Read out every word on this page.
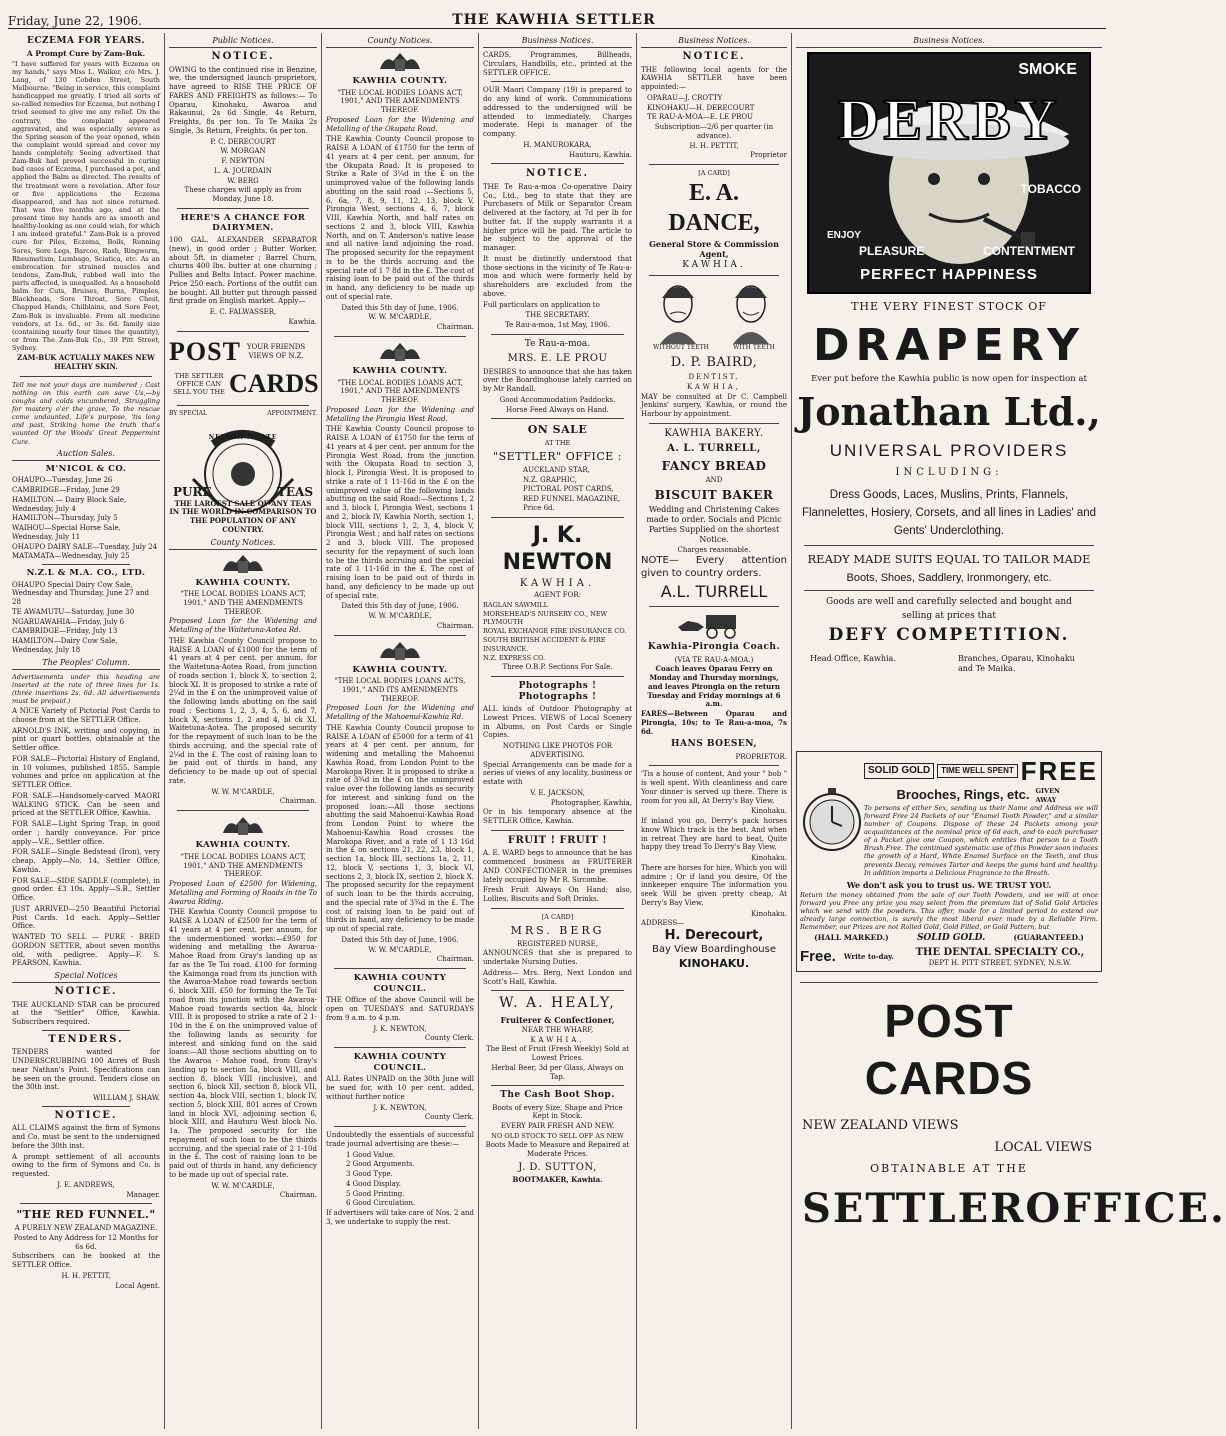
Friday, June 22, 1906.	THE KAWHIA SETTLER
ECZEMA FOR YEARS.
A Prompt Cure by Zam-Buk.
"I have suffered for years with Eczema on my hands," says Miss L. Walker, c/o Mrs. J. Lang, of 130 Cobden Street, South Melbourne. "Being in service, this complaint handicapped me greatly. I tried all sorts of so-called remedies for Eczema, but nothing I tried seemed to give me any relief. On the contrary, the complaint appeared aggravated, and was especially severe as the Spring season of the year opened, when the complaint would spread and cover my hands completely. Seeing advertised that Zam-Buk had proved successful in curing bad cases of Eczema, I purchased a pot, and applied the Balm as directed. The results of the treatment were a revelation. After four or five applications the Eczema disappeared, and has not since returned. That was five months ago, and at the present time my hands are as smooth and healthy-looking as one could wish, for which I am indeed grateful." Zam-Buk is a proved cure for Piles, Eczema, Boils, Running Sores, Sore Legs, Barcoo, Rash, Ringworm, Rheumatism, Lumbago, Sciatica, etc. As an embrocation for strained muscles and tendons, Zam-Buk, rubbed well into the parts affected, is unequalled. As a household balm for Cuts, Bruises, Burns, Pimples, Blackheads, Sore Throat, Sore Chest, Chapped Hands, Chilblains, and Sore Feet, Zam-Buk is invaluable. From all medicine vendors, at 1s. 6d., or 3s. 6d. family size (containing nearly four times the quantity), or from The Zam-Buk Co., 39 Pitt Street, Sydney.
ZAM-BUK ACTUALLY MAKES NEW HEALTHY SKIN.
Tell me not your days are numbered ; Cast nothing on this earth can save Us,—by coughs and colds encumbered, Struggling for mastery o'er the grave, To the rescue come undaunted, Life's purpose, 'tis long and past, Striking home the truth that's vaunted Of the Woods' Great Peppermint Cure.
Auction Sales.
M'NICOL & CO.
OHAUPO—Tuesday, June 26
CAMBRIDGE—Friday, June 29
HAMILTON — Dairy Block Sale, Wednesday, July 4
HAMILTON—Thursday, July 5
WAIHOU—Special Horse Sale, Wednesday, July 11
OHAUPO DAIRY SALE—Tuesday, July 24
MATAMATA—Wednesday, July 25
N.Z.L & M.A. CO., LTD.
OHAUPO Special Dairy Cow Sale, Wednesday and Thursday, June 27 and 28
TE AWAMUTU—Saturday, June 30
NGARUAWAHIA—Friday, July 6
CAMBRIDGE—Friday, July 13
HAMILTON—Dairy Cow Sale, Wednesday, July 18
The Peoples' Column.
Advertisements under this heading are inserted at the rate of three lines for 1s. (three insertions 2s. 6d. All advertisements must be prepaid.)
A NICE Variety of Pictorial Post Cards to choose from at the SETTLER Office.
ARNOLD'S INK, writing and copying, in pint or quart bottles, obtainable at the Settler office.
FOR SALE—Pictorial History of England, in 10 volumes, published 1855. Sample volumes and price on application at the SETTLER Office.
FOR SALE—Handsomely-carved MAORI WALKING STICK. Can be seen and priced at the SETTLER Office, Kawhia.
FOR SALE—Light Spring Trap, in good order ; hardly conveyance. For price apply—V.E., Settler office.
FOR SALE—Single Bedstead (Iron), very cheap. Apply—No. 14, Settler Office, Kawhia.
FOR SALE—SIDE SADDLE (complete), in good order. £3 10s. Apply—S.B., Settler Office.
JUST ARRIVED—250 Beautiful Pictorial Post Cards. 1d each. Apply—Settler Office.
WANTED TO SELL — PURE - BRED GORDON SETTER, about seven months old, with pedigree. Apply—F. S. PEARSON, Kawhia.
Special Notices
NOTICE.
THE AUCKLAND STAR can be procured at the "Settler" Office, Kawhia. Subscribers required.
TENDERS.
TENDERS wanted for UNDERSCRUBBING 100 Acres of Bush near Nathan's Point. Specifications can be seen on the ground. Tenders close on the 30th inst.
WILLIAM J. SHAW.
NOTICE.
ALL CLAIMS against the firm of Symons and Co. must be sent to the undersigned before the 30th inst.
A prompt settlement of all accounts owing to the firm of Symons and Co. is requested.
J. E. ANDREWS,
Manager.
"THE RED FUNNEL."
A PURELY NEW ZEALAND MAGAZINE.
Posted to Any Address for 12 Months for 6s 6d.
Subscribers can be booked at the SETTLER Office.
H. H. PETTIT,
Local Agent.
Public Notices.
NOTICE.
OWING to the continued rise in Benzine, we, the undersigned launch proprietors, have agreed to RISE THE PRICE OF FARES AND FREIGHTS as follows:— To Oparau, Kinohaku, Awaroa and Rakaunui, 2s 6d Single, 4s Return, Freights, 8s per ton. To Te Maika 2s Single, 3s Return, Freights, 6s per ton.
P. C. DERECOURT
W. MORGAN
F. NEWTON
L. A. JOURDAIN
W. BERG
These charges will apply as from Monday, June 18.
HERE'S A CHANCE FOR DAIRYMEN.
100 GAL. ALEXANDER SEPARATOR (new), in good order ; Butter Worker, about 5ft. in diameter ; Barrel Churn, churns 400 lbs. butter at one churning ; Pullies and Belts Intact. Power machine. Price 250 each. Portions of the outfit can be bought. All butter put through passed first grade on English market. Apply—
E. C. FALWASSER,
Kawhia.
POST YOUR FRIENDS
VIEWS OF N.Z.
THE SETTLER OFFICE CAN SELL YOU THE CARDS
BY SPECIAL	APPOINTMENT.
PURE	TEAS
NELSON MOATE
THE LARGEST SALE OF ANY TEAS IN THE WORLD IN COMPARISON TO THE POPULATION OF ANY COUNTRY.
County Notices.
KAWHIA COUNTY.
"THE LOCAL BODIES LOANS ACT, 1901," AND THE AMENDMENTS THEREOF.
Proposed Loan for the Widening and Metalling of the Waitetuna-Aotea Rd.
THE Kawhia County Council propose to RAISE A LOAN of £1000 for the term of 41 years at 4 per cent. per annum, for the Waitetuna-Aotea Road, from junction of roads section 1, block X, to section 2, block XI. It is proposed to strike a rate of 2¼d in the £ on the unimproved value of the following lands abutting on the said road : Sections 1, 2, 3, 4, 5, 6, and 7, block X, sections 1, 2 and 4, bl ck XI, Waitetuna-Aotea. The proposed security for the repayment of such loan to be the thirds accruing, and the special rate of 2¼d in the £. The cost of raising loan to be paid out of thirds in hand, any deficiency to be made up out of special rate.
W. W. M'CARDLE,
Chairman.
KAWHIA COUNTY.
"THE LOCAL BODIES LOANS ACT, 1901," AND THE AMENDMENTS THEREOF.
Proposed Loan of £2500 for Widening, Metalling and Forming of Roads in the To Awaroa Riding.
THE Kawhia County Council propose to RAISE A LOAN of £2500 for the term of 41 years at 4 per cent. per annum, for the undermentioned works:—£950 for widening and metalling the Awaroa-Mahoe Road from Gray's landing up as far as the Te Toi road. £100 for forming the Kaimonga road from its junction with the Awaroa-Mahoe road towards section 6, block XIII. £50 for forming the Te Toi road from its junction with the Awaroa-Mahoe road towards section 4a, block VIII. It is proposed to strike a rate of 2 1-10d in the £ on the unimproved value of the following lands as security for interest and sinking fund on the said loans:—All those sections abutting on to the Awaroa - Mahoe road, from Gray's landing up to section 5a, block VIII, and section 8, block VIII (inclusive), and section 6, block XII, section 8, block VII, section 4a, block VIII, section 1, block IV, section 5, block XIII, 801 acres of Crown land in block XVI, adjoining section 6, block XIII, and Hauturu West block No. 1a. The proposed security for the repayment of such loan to be the thirds accruing, and the special rate of 2 1-10d in the £. The cost of raising loan to be paid out of thirds in hand, any deficiency to be made up out of special rate.
W. W. M'CARDLE,
Chairman.
County Notices.
KAWHIA COUNTY.
"THE LOCAL BODIES LOANS ACT, 1901," AND THE AMENDMENTS THEREOF.
Proposed Loan for the Widening and Metalling of the Okupata Road.
THE Kawhia County Council propose to RAISE A LOAN of £1750 for the term of 41 years at 4 per cent. per annum, for the Okupata Road. It is proposed to Strike a Rate of 3¼d in the £ on the unimproved value of the following lands abutting on the said road :—Sections 5, 6, 6a, 7, 8, 9, 11, 12, 13, block V, Pirongia West, sections 4, 6, 7, block VIII, Kawhia North, and half rates on sections 2 and 3, block VIII, Kawhia North, and on T. Anderson's native lease and all native land adjoining the road. The proposed security for the repayment is to be the thirds accruing and the special rate of 1 7 8d in the £. The cost of raising loan to be paid out of the thirds in hand, any deficiency to be made up out of special rate.
Dated this 5th day of June, 1906.
W. W. M'CARDLE,
Chairman.
KAWHIA COUNTY.
"THE LOCAL BODIES LOANS ACT, 1901," AND THE AMENDMENTS THEREOF.
Proposed Loan for the Widening and Metalling the Pirongia West Road.
THE Kawhia County Council propose to RAISE A LOAN of £1750 for the term of 41 years at 4 per cent. per annum for the Pirongia West Road, from the junction with the Okupata Road to section 3, block I, Pirongia West. It is proposed to strike a rate of 1 11-16d in the £ on the unimproved value of the following lands abutting on the said Road:—Sections 1, 2 and 3, block I, Pirongia West, sections 1 and 2, block IV, Kawhia North, section 1, block VIII, sections 1, 2, 3, 4, block V, Pirongia West ; and half rates on sections 2 and 3, block VIII. The proposed security for the repayment of such loan to be the thirds accruing and the special rate of 1 11-16d in the £. The cost of raising loan to be paid out of thirds in hand, any deficiency to be made up out of special rate.
Dated this 5th day of June, 1906.
W. W. M'CARDLE,
Chairman.
KAWHIA COUNTY.
"THE LOCAL BODIES LOANS ACTS, 1901," AND ITS AMENDMENTS THEREOF.
Proposed Loan for the Widening and Metalling of the Mahoenui-Kawhia Rd.
THE Kawhia County Council propose to RAISE A LOAN of £5000 for a term of 41 years at 4 per cent. per annum, for widening and metalling the Mahoenui Kawhia Road, from London Point to the Marokopa River. It is proposed to strike a rate of 3¾d in the £ on the unimproved value over the following lands as security for interest and sinking fund on the proposed loan:—All those sections abutting the said Mahoenui-Kawhia Road from London Point to where the Mahoenui-Kawhia Road crosses the Marokopa River, and a rate of 1 13 16d in the £ on sections 21, 22, 23, block 1, section 1a, block III, sections 1a, 2, 11, 12, block V, sections 1, 3, block VI, sections 2, 3, block IX, section 2, block X. The proposed security for the repayment of such loan to be the thirds accruing, and the special rate of 3¾d in the £. The cost of raising loan to be paid out of thirds in hand, any deficiency to be made up out of special rate.
Dated this 5th day of June, 1906.
W. W. M'CARDLE,
Chairman.
KAWHIA COUNTY COUNCIL.
THE Office of the above Council will be open on TUESDAYS and SATURDAYS from 9 a.m. to 4 p.m.
J. K. NEWTON,
County Clerk.
KAWHIA COUNTY COUNCIL.
ALL Rates UNPAID on the 30th June will be sued for, with 10 per cent. added, without further notice
J. K. NEWTON,
County Clerk.
Undoubtedly the essentials of successful trade journal advertising are these:—
1 Good Value.
2 Good Arguments.
3 Good Type.
4 Good Display.
5 Good Printing.
6 Good Circulation.
If advertisers will take care of Nos. 2 and 3, we undertake to supply the rest.
Business Notices.
CARDS, Programmes, Billheads, Circulars, Handbills, etc., printed at the SETTLER OFFICE.
OUR Maori Company (19) is prepared to do any kind of work. Communications addressed to the undersigned will be attended to immediately. Charges moderate. Hepi is manager of the company.
H. MANUROKARA,
Hauturu, Kawhia.
NOTICE.
THE Te Rau-a-moa Co-operative Dairy Co., Ltd., beg to state that they are Purchasers of Milk or Separator Cream delivered at the factory, at 7d per lb for butter fat. If the supply warrants it a higher price will be paid. The article to be subject to the approval of the manager.
It must be distinctly understood that those sections in the vicinity of Te Rau-a-moa and which were formerly held by shareholders are excluded from the above.
Full particulars on application to
THE SECRETARY.
Te Rau-a-moa, 1st May, 1906.
Te Rau-a-moa.
MRS. E. LE PROU
DESIRES to announce that she has taken over the Boardinghouse lately carried on by Mr Randall.
Good Accommodation Paddocks.
Horse Feed Always on Hand.
ON SALE
AT THE
"SETTLER" OFFICE :
AUCKLAND STAR,
N.Z. GRAPHIC,
PICTORAL POST CARDS,
RED FUNNEL MAGAZINE, Price 6d.
J. K. NEWTON
KAWHIA.
AGENT FOR:
RAGLAN SAWMILL
MORSEHEAD'S NURSERY CO., NEW PLYMOUTH
ROYAL EXCHANGE FIRE INSURANCE CO.
SOUTH BRITISH ACCIDENT & FIRE INSURANCE.
N.Z. EXPRESS CO.
Three O.B.P. Sections For Sale.
Photographs ! Photographs !
ALL kinds of Outdoor Photography at Lowest Prices. VIEWS of Local Scenery in Albums, on Post Cards or Single Copies.
NOTHING LIKE PHOTOS FOR ADVERTISING.
Special Arrangements can be made for a series of views of any locality, business or estate with
V. E. JACKSON,
Photographer, Kawhia,
Or in his temporary absence at the SETTLER Office, Kawhia.
FRUIT ! FRUIT !
A. E. WARD begs to announce that he has commenced business as FRUITERER AND CONFECTIONER in the premises lately occupied by Mr R. Sircombe.
Fresh Fruit Always On Hand; also, Lollies, Biscuits and Soft Drinks.
[A CARD]
MRS. BERG
REGISTERED NURSE,
ANNOUNCES that she is prepared to undertake Nursing Duties.
Address— Mrs. Berg, Next London and Scott's Hall, Kawhia.
W. A. HEALY,
Fruiterer & Confectioner,
NEAR THE WHARF,
KAWHIA.
The Best of Fruit (Fresh Weekly) Sold at Lowest Prices.
Herbal Beer, 3d per Glass, Always on Tap.
The Cash Boot Shop.
Boots of every Size, Shape and Price Kept in Stock.
EVERY PAIR FRESH AND NEW.
NO OLD STOCK TO SELL OFF AS NEW
Boots Made to Measure and Repaired at Moderate Prices.
J. D. SUTTON,
BOOTMAKER, Kawhia.
Business Notices.
NOTICE.
THE following local agents for the KAWHIA SETTLER have been appointed:—
OPARAU—J. CROTTY
KINOHAKU—H. DERECOURT
TE RAU-A-MOA—E. LE PROU
Subscription—2/6 per quarter (in advance).
H. H. PETTIT,
Proprietor
[A CARD]
E. A. DANCE,
General Store & Commission Agent,
KAWHIA.
WITHOUT TEETH	WITH TEETH
D. P. BAIRD,
DENTIST,
KAWHIA,
MAY be consulted at Dr C. Campbell Jenkins' surgery, Kawhia, or round the Harbour by appointment.
KAWHIA BAKERY.
A. L. TURRELL,
FANCY BREAD
AND
BISCUIT BAKER
Wedding and Christening Cakes made to order. Socials and Picnic Parties Supplied on the shortest Notice.
Charges reasonable.
NOTE— Every attention given to country orders.
A.L. TURRELL
Kawhia-Pirongia Coach.
(VIA TE RAU-A-MOA.)
Coach leaves Oparau Ferry on Monday and Thursday mornings, and leaves Pirongia on the return Tuesday and Friday mornings at 6 a.m.
FARES—Between Oparau and Pirongia, 10s; to Te Rau-a-moa, 7s 6d.
HANS BOESEN,
PROPRIETOR.
'Tis a house of content, And your " bob " is well spent. With cleanliness and care Your dinner is served up there. There is room for you all, At Derry's Bay View,
Kinohaku.
If inland you go, Derry's pack horses know Which track is the best. And when in retreat They are hard to beat, Quite happy they tread To Derry's Bay View,
Kinohaku.
There are horses for hire, Which you will admire ; Or if land you desire, Of the innkeeper enquire The information you seek Will be given pretty cheap, At Derry's Bay View,
Kinohaku.
ADDRESS—
H. Derecourt,
Bay View Boardinghouse
KINOHAKU.
Business Notices.
SMOKE
DERBY
TOBACCO
ENJOY
PLEASURE	CONTENTMENT
PERFECT HAPPINESS
THE VERY FINEST STOCK OF
DRAPERY
Ever put before the Kawhia public is now open for inspection at
Jonathan Ltd.,
UNIVERSAL PROVIDERS
INCLUDING:
Dress Goods, Laces, Muslins, Prints, Flannels, Flannelettes, Hosiery, Corsets, and all lines in Ladies' and Gents' Underclothing.
READY MADE SUITS EQUAL TO TAILOR MADE
Boots, Shoes, Saddlery, Ironmongery, etc.
Goods are well and carefully selected and bought and selling at prices that
DEFY COMPETITION.
Head Office, Kawhia.	Branches, Oparau, Kinohaku and Te Maika.
SOLID GOLD	TIME WELL SPENT FREE
Brooches, Rings, etc. GIVEN AWAY
To persons of either Sex, sending us their Name and Address we will forward Free 24 Packets of our "Enamel Tooth Powder," and a similar number of Coupons. Dispose of these 24 Packets among your acquaintances at the nominal price of 6d each, and to each purchaser of a Packet give one Coupon, which entitles that person to a Tooth Brush Free. The continued systematic use of this Powder soon induces the growth of a Hard, White Enamel Surface on the Teeth, and thus prevents Decay, removes Tartar and keeps the gums hard and healthy. In addition imparts a Delicious Fragrance to the Breath.
We don't ask you to trust us. WE TRUST YOU.
Return the money obtained from the sale of our Tooth Powders, and we will at once forward you Free any prize you may select from the premium list of Solid Gold Articles which we send with the powders. This offer, made for a limited period to extend our already large connection, is surely the most liberal ever made by a Reliable Firm. Remember, our Prizes are not Rolled Gold, Gold Filled, or Gold Pattern, but
(HALL MARKED.)	SOLID GOLD.	(GUARANTEED.)
Free. Write to-day.	THE DENTAL SPECIALTY CO.,
DEPT H. PITT STREET, SYDNEY, N.S.W.
POST CARDS
NEW ZEALAND VIEWS
LOCAL VIEWS
OBTAINABLE AT THE
SETTLER OFFICE.
